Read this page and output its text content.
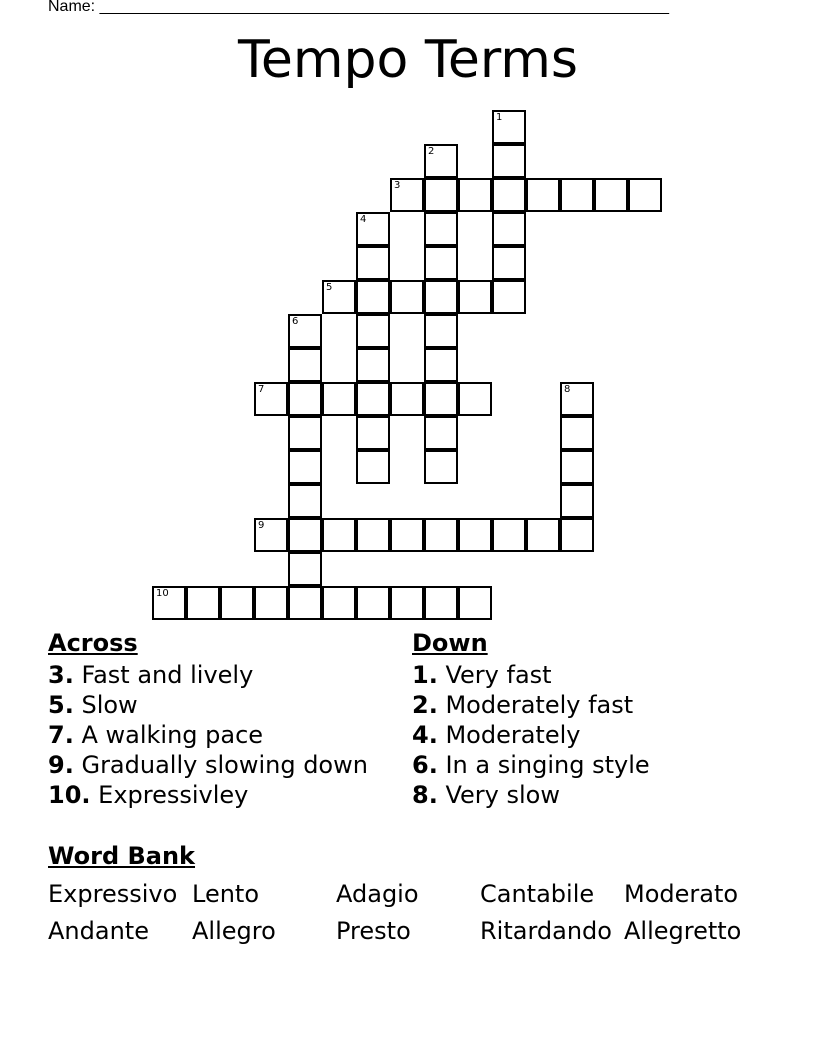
Name: ________________________________________________________________
Tempo Terms
1
2
3
4
5
6
7	8
9
10
Across
3. Fast and lively
5. Slow
7. A walking pace
9. Gradually slowing down
10. Expressivley
Down
1. Very fast
2. Moderately fast
4. Moderately
6. In a singing style
8. Very slow
Word Bank
Expressivo Lento	Adagio	Cantabile Moderato
Andante Allegro	Presto	Ritardando Allegretto
